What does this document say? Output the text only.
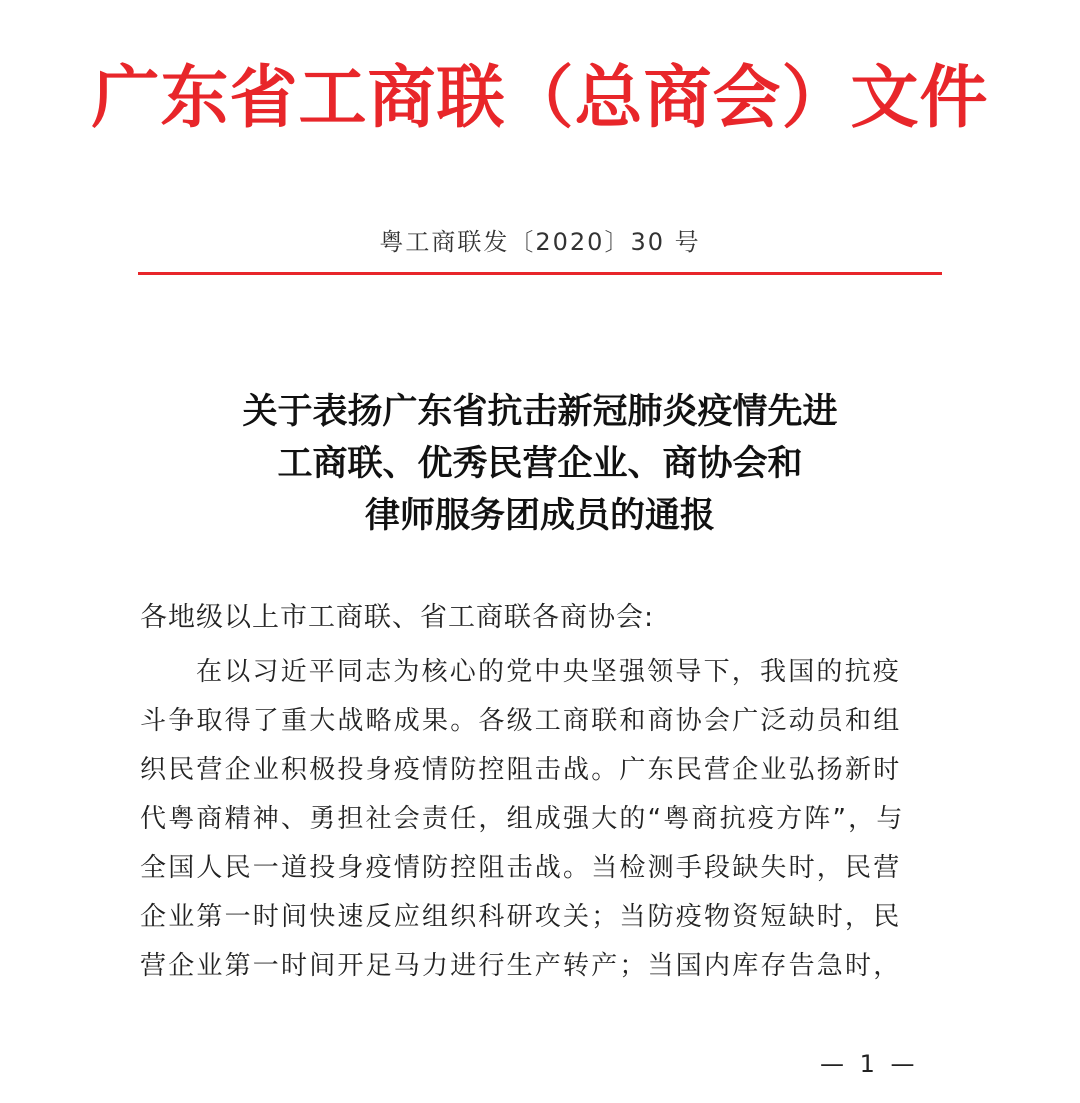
广东省工商联（总商会）文件
粤工商联发〔2020〕30 号
关于表扬广东省抗击新冠肺炎疫情先进
工商联、优秀民营企业、商协会和
律师服务团成员的通报
各地级以上市工商联、省工商联各商协会:
在以习近平同志为核心的党中央坚强领导下，我国的抗疫
斗争取得了重大战略成果。各级工商联和商协会广泛动员和组
织民营企业积极投身疫情防控阻击战。广东民营企业弘扬新时
代粤商精神、勇担社会责任，组成强大的“粤商抗疫方阵”，与
全国人民一道投身疫情防控阻击战。当检测手段缺失时，民营
企业第一时间快速反应组织科研攻关；当防疫物资短缺时，民
营企业第一时间开足马力进行生产转产；当国内库存告急时，
— 1 —
